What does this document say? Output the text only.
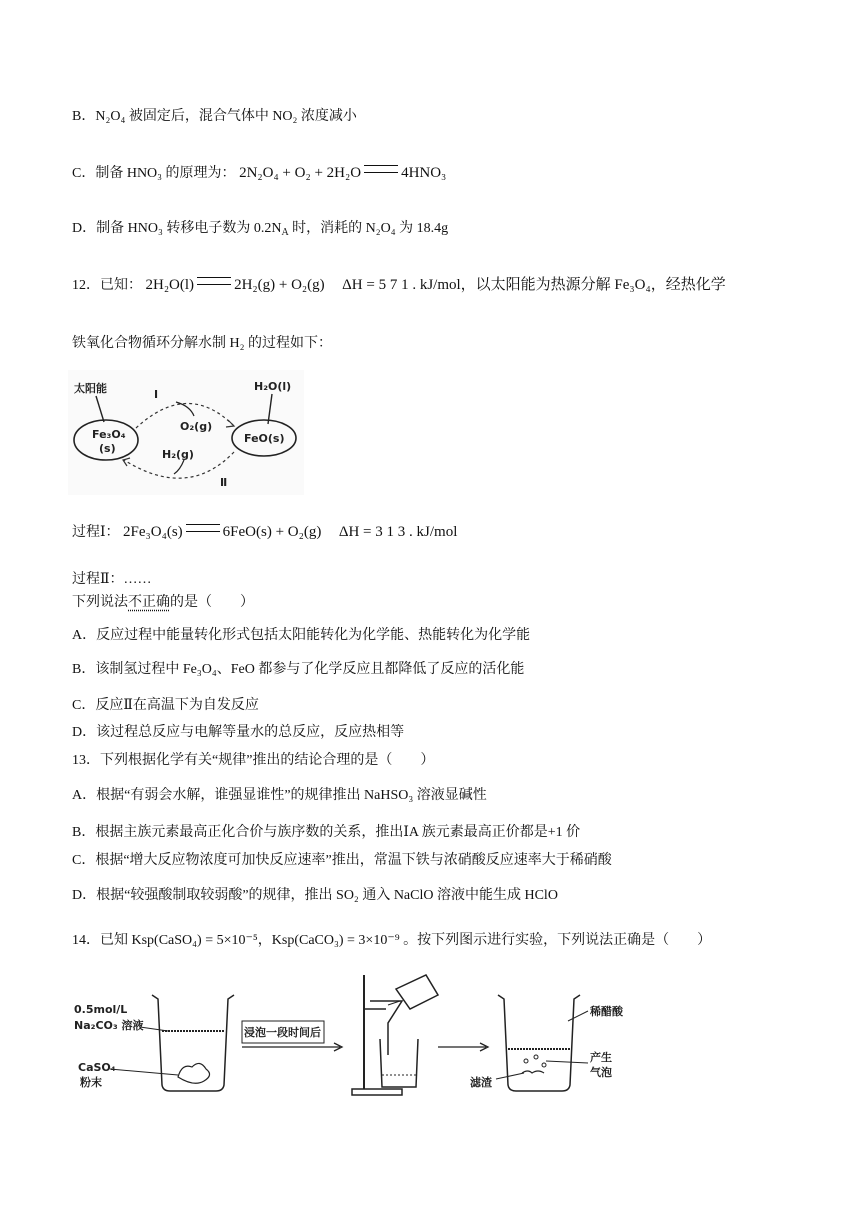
B．N₂O₄ 被固定后，混合气体中 NO₂ 浓度减小
C．制备 HNO₃ 的原理为： 2N₂O₄ + O₂ + 2H₂O	4HNO₃
D．制备 HNO₃ 转移电子数为 $0.2N_A$ 时，消耗的 N₂O₄ 为 18.4g
12．已知： 2H₂O(l)	2H₂(g) + O₂(g) ΔH = 5 7 1 . kJ/mol，以太阳能为热源分解 Fe₃O₄，经热化学
铁氧化合物循环分解水制 H₂ 的过程如下：
太阳能	H₂O(l)
Fe₃O₄
(s)
FeO(s)
Ⅰ
O₂(g)
H₂(g)
Ⅱ
过程Ⅰ： 2Fe₃O₄(s)	6FeO(s) + O₂(g) ΔH = 3 1 3 . kJ/mol
过程Ⅱ：……
下列说法不正确的是（　　）
A．反应过程中能量转化形式包括太阳能转化为化学能、热能转化为化学能
B．该制氢过程中 Fe₃O₄、FeO 都参与了化学反应且都降低了反应的活化能
C．反应Ⅱ在高温下为自发反应
D．该过程总反应与电解等量水的总反应，反应热相等
13．下列根据化学有关“规律”推出的结论合理的是（　　）
A．根据“有弱会水解，谁强显谁性”的规律推出 NaHSO₃ 溶液显碱性
B．根据主族元素最高正化合价与族序数的关系，推出ⅠA 族元素最高正价都是+1 价
C．根据“增大反应物浓度可加快反应速率”推出，常温下铁与浓硝酸反应速率大于稀硝酸
D．根据“较强酸制取较弱酸”的规律，推出 SO₂ 通入 NaClO 溶液中能生成 HClO
14．已知 Ksp(CaSO₄) = 5×10⁻⁵，Ksp(CaCO₃) = 3×10⁻⁹ 。按下列图示进行实验，下列说法正确是（　　）
0.5mol/L
Na₂CO₃ 溶液
CaSO₄
粉末
浸泡一段时间后
稀醋酸
产生
气泡
滤渣
